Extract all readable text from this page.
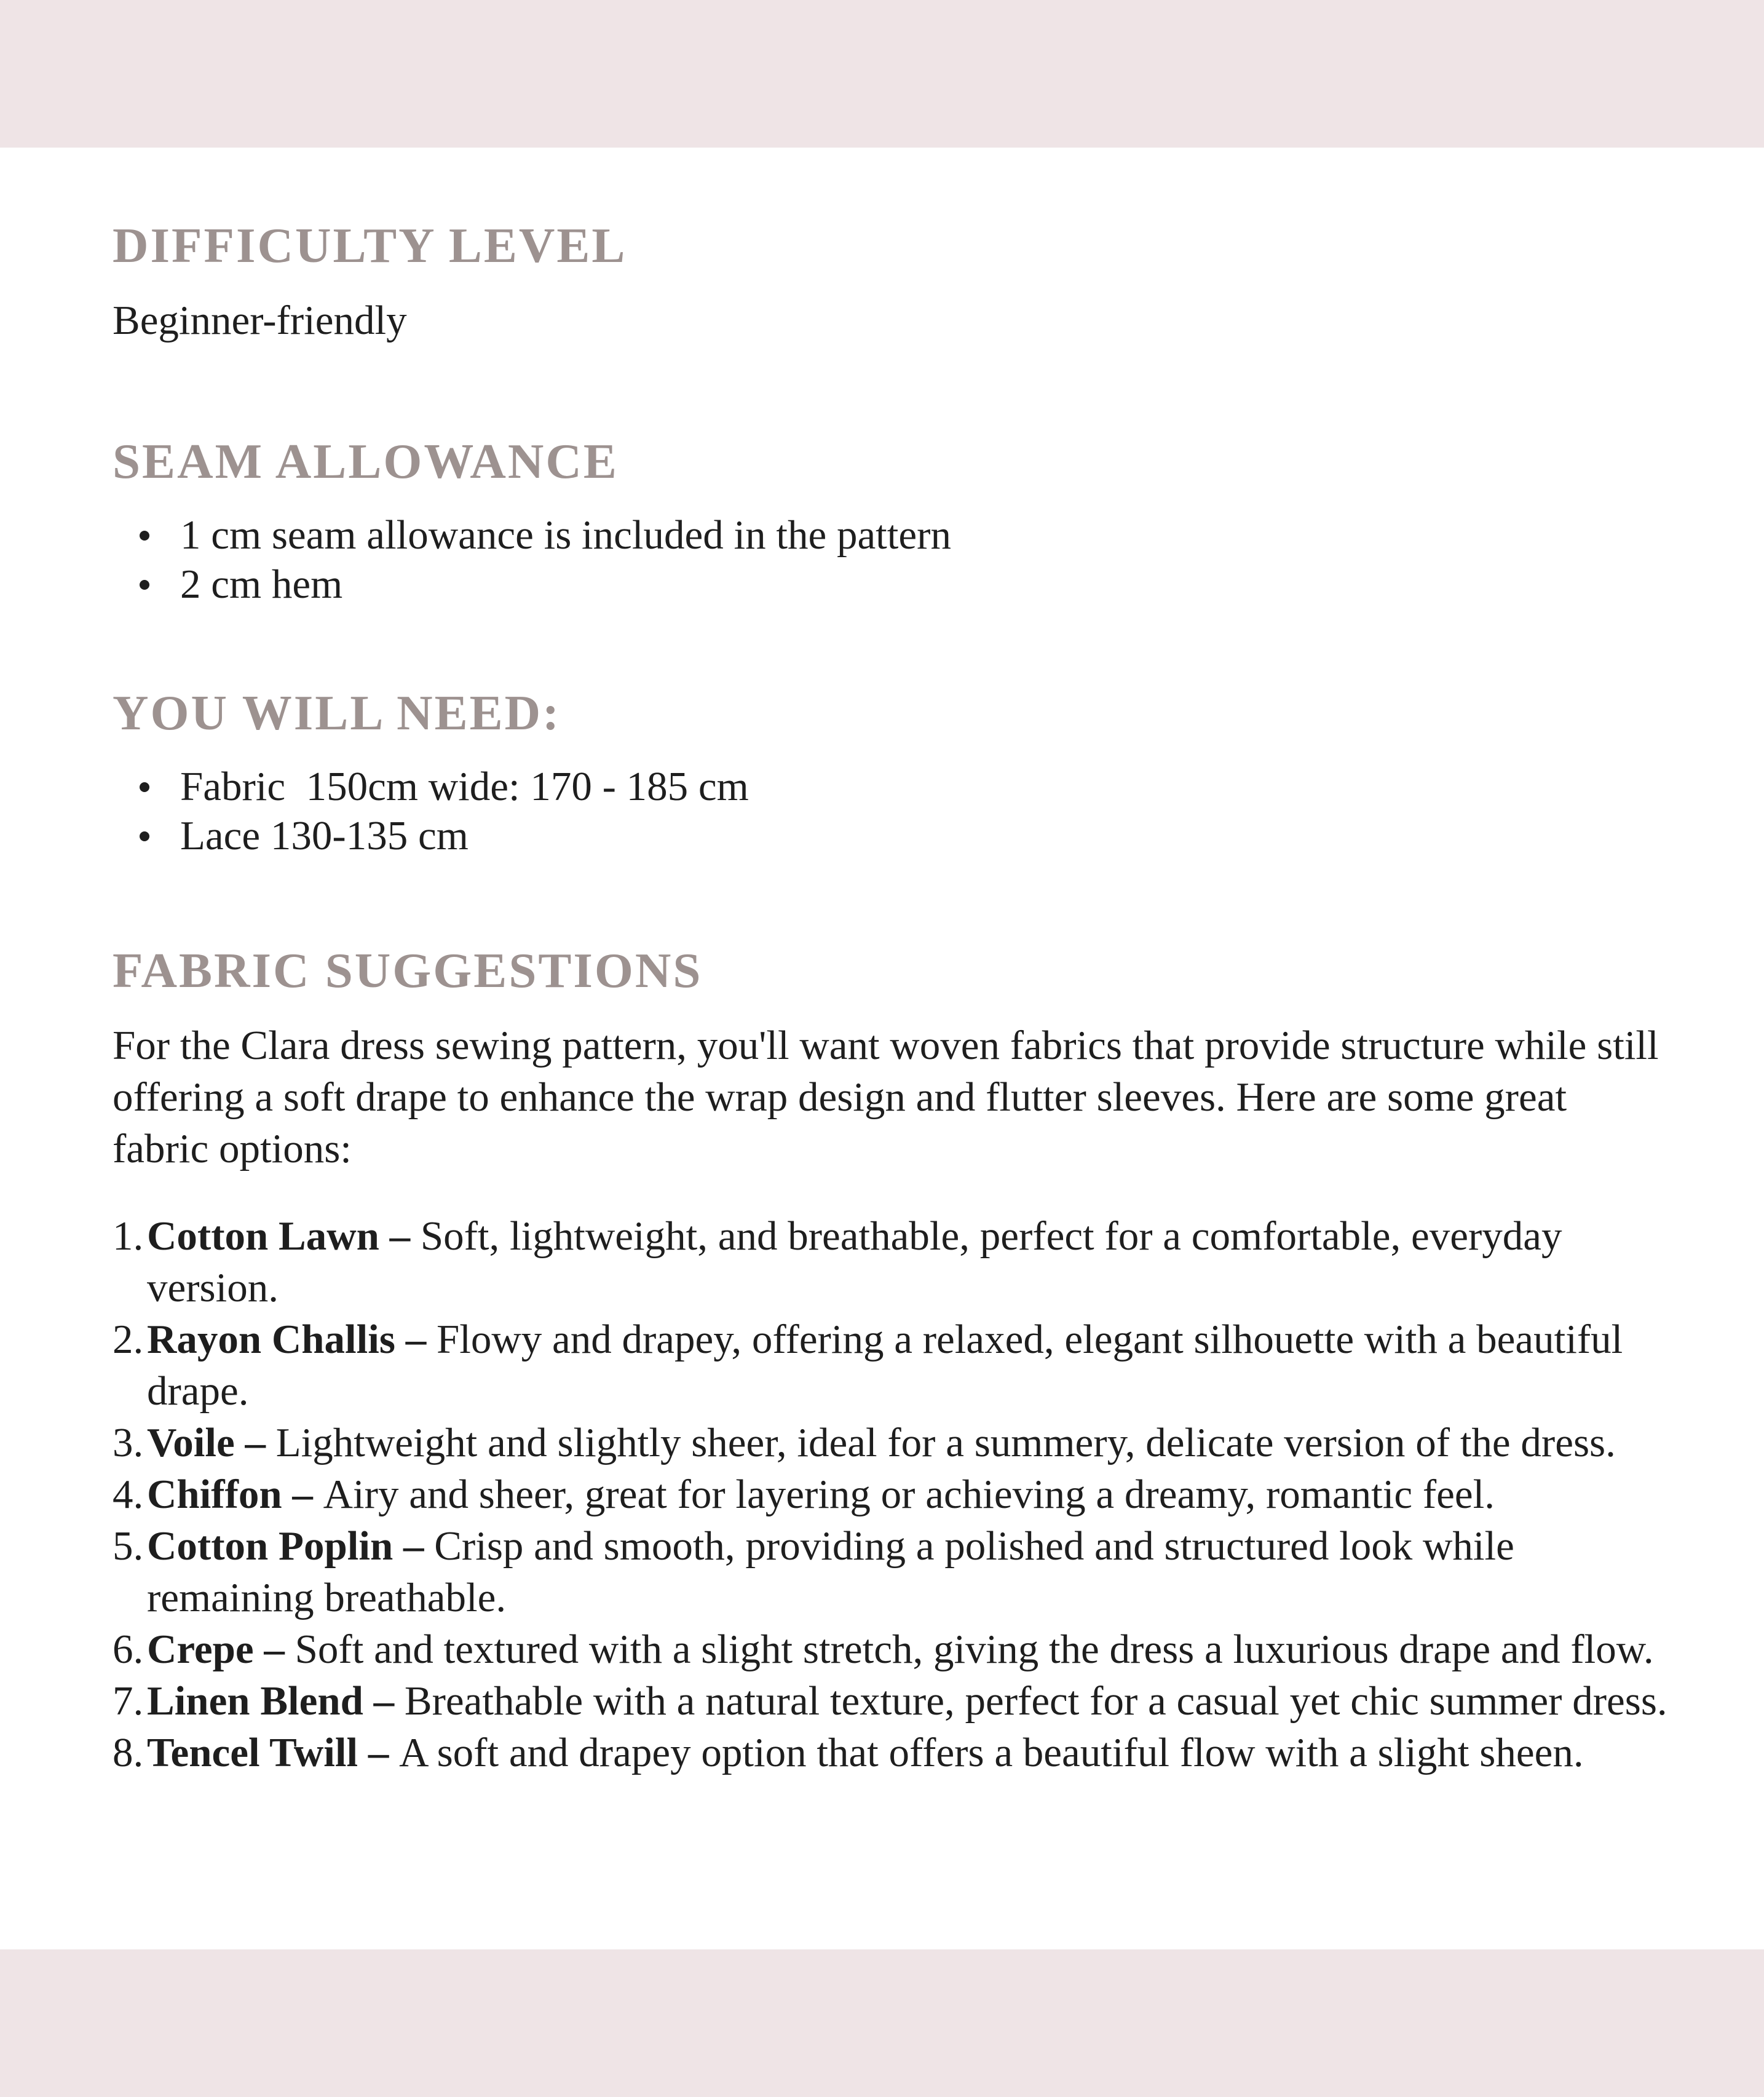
DIFFICULTY LEVEL

Beginner-friendly

SEAM ALLOWANCE
1 cm seam allowance is included in the pattern
2 cm hem
YOU WILL NEED:
Fabric  150cm wide: 170 - 185 cm
Lace 130-135 cm
FABRIC SUGGESTIONS

For the Clara dress sewing pattern, you'll want woven fabrics that provide structure while still offering a soft drape to enhance the wrap design and flutter sleeves. Here are some great fabric options:

1. Cotton Lawn – Soft, lightweight, and breathable, perfect for a comfortable, everyday version.
2. Rayon Challis – Flowy and drapey, offering a relaxed, elegant silhouette with a beautiful drape.
3. Voile – Lightweight and slightly sheer, ideal for a summery, delicate version of the dress.
4. Chiffon – Airy and sheer, great for layering or achieving a dreamy, romantic feel.
5. Cotton Poplin – Crisp and smooth, providing a polished and structured look while remaining breathable.
6. Crepe – Soft and textured with a slight stretch, giving the dress a luxurious drape and flow.
7. Linen Blend – Breathable with a natural texture, perfect for a casual yet chic summer dress.
8. Tencel Twill – A soft and drapey option that offers a beautiful flow with a slight sheen.
